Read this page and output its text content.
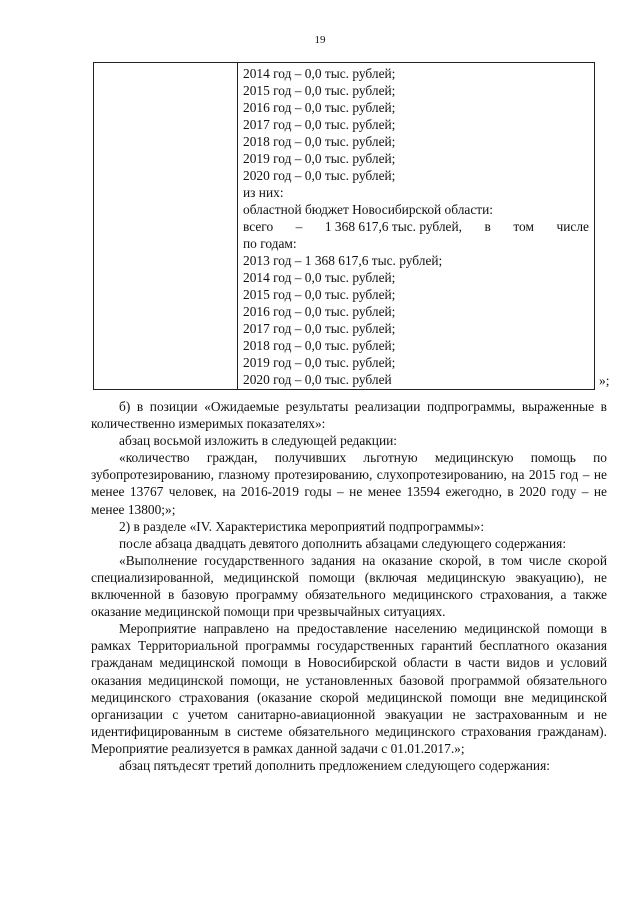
19
2014 год – 0,0 тыс. рублей;
2015 год – 0,0 тыс. рублей;
2016 год – 0,0 тыс. рублей;
2017 год – 0,0 тыс. рублей;
2018 год – 0,0 тыс. рублей;
2019 год – 0,0 тыс. рублей;
2020 год – 0,0 тыс. рублей;
из них:
областной бюджет Новосибирской области:
всего – 1 368 617,6 тыс. рублей, в том числе
по годам:
2013 год – 1 368 617,6 тыс. рублей;
2014 год – 0,0 тыс. рублей;
2015 год – 0,0 тыс. рублей;
2016 год – 0,0 тыс. рублей;
2017 год – 0,0 тыс. рублей;
2018 год – 0,0 тыс. рублей;
2019 год – 0,0 тыс. рублей;
2020 год – 0,0 тыс. рублей	»;

б) в позиции «Ожидаемые результаты реализации подпрограммы, выраженные в количественно измеримых показателях»:

абзац восьмой изложить в следующей редакции:

«количество граждан, получивших льготную медицинскую помощь по зубопротезированию, глазному протезированию, слухопротезированию, на 2015 год – не менее 13767 человек, на 2016-2019 годы – не менее 13594 ежегодно, в 2020 году – не менее 13800;»;

2) в разделе «IV. Характеристика мероприятий подпрограммы»:

после абзаца двадцать девятого дополнить абзацами следующего содержания:

«Выполнение государственного задания на оказание скорой, в том числе скорой специализированной, медицинской помощи (включая медицинскую эвакуацию), не включенной в базовую программу обязательного медицинского страхования, а также оказание медицинской помощи при чрезвычайных ситуациях.

Мероприятие направлено на предоставление населению медицинской помощи в рамках Территориальной программы государственных гарантий бесплатного оказания гражданам медицинской помощи в Новосибирской области в части видов и условий оказания медицинской помощи, не установленных базовой программой обязательного медицинского страхования (оказание скорой медицинской помощи вне медицинской организации с учетом санитарно-авиационной эвакуации не застрахованным и не идентифицированным в системе обязательного медицинского страхования гражданам). Мероприятие реализуется в рамках данной задачи с 01.01.2017.»;

абзац пятьдесят третий дополнить предложением следующего содержания:
